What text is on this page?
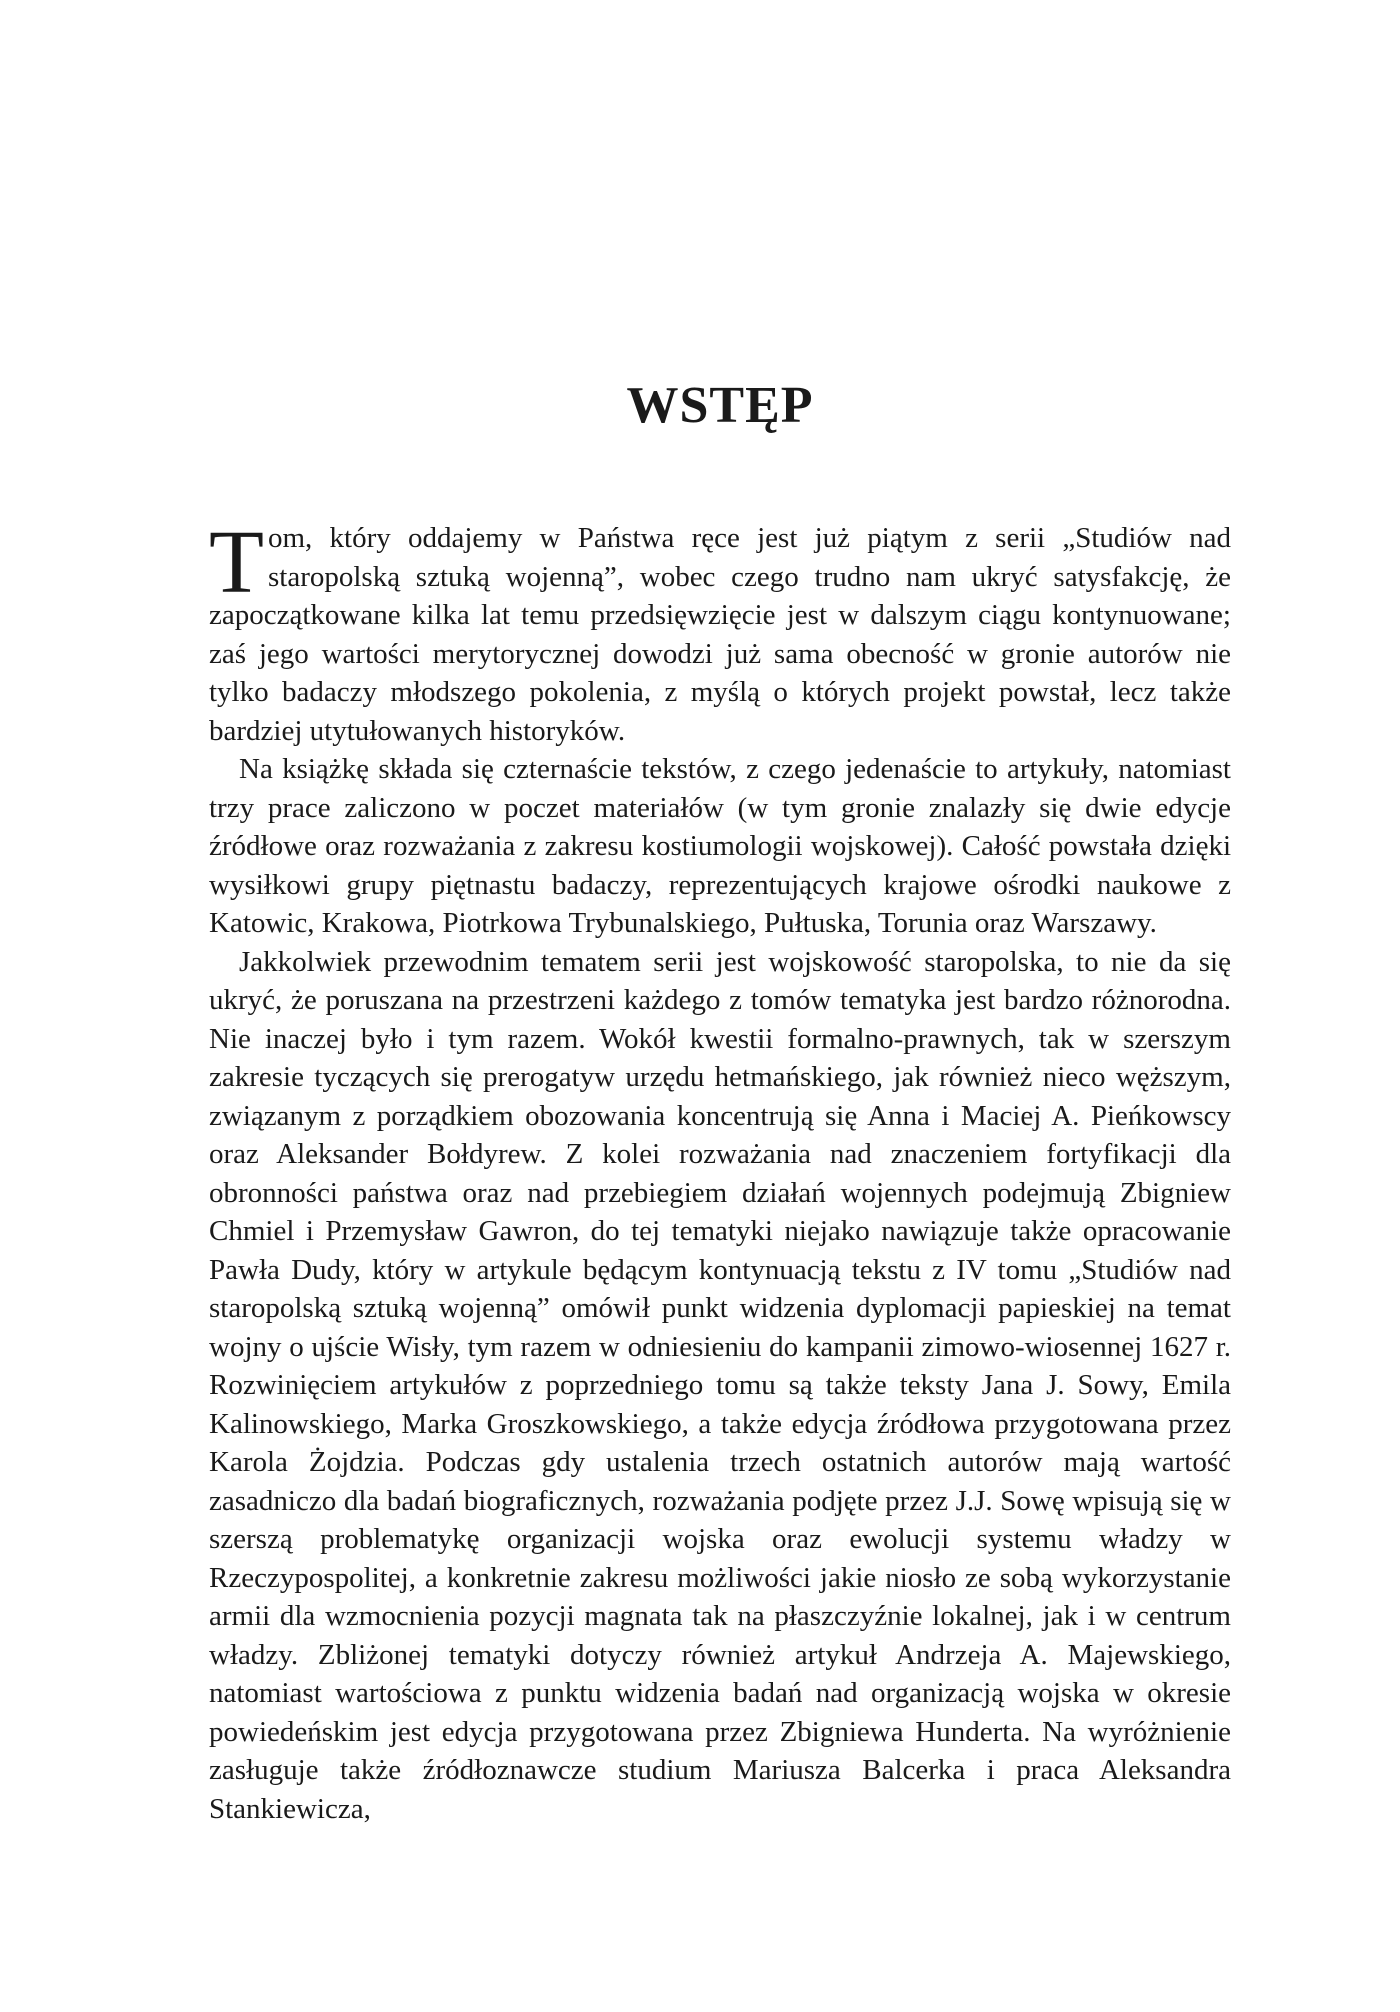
WSTĘP

Tom, który oddajemy w Państwa ręce jest już piątym z serii „Studiów nad staropolską sztuką wojenną”, wobec czego trudno nam ukryć satysfakcję, że zapoczątkowane kilka lat temu przedsięwzięcie jest w dalszym ciągu kontynuowane; zaś jego wartości merytorycznej dowodzi już sama obecność w gronie autorów nie tylko badaczy młodszego pokolenia, z myślą o których projekt powstał, lecz także bardziej utytułowanych historyków.

Na książkę składa się czternaście tekstów, z czego jedenaście to artykuły, natomiast trzy prace zaliczono w poczet materiałów (w tym gronie znalazły się dwie edycje źródłowe oraz rozważania z zakresu kostiumologii wojskowej). Całość powstała dzięki wysiłkowi grupy piętnastu badaczy, reprezentujących krajowe ośrodki naukowe z Katowic, Krakowa, Piotrkowa Trybunalskiego, Pułtuska, Torunia oraz Warszawy.

Jakkolwiek przewodnim tematem serii jest wojskowość staropolska, to nie da się ukryć, że poruszana na przestrzeni każdego z tomów tematyka jest bardzo różnorodna. Nie inaczej było i tym razem. Wokół kwestii formalno-prawnych, tak w szerszym zakresie tyczących się prerogatyw urzędu hetmańskiego, jak również nieco węższym, związanym z porządkiem obozowania koncentrują się Anna i Maciej A. Pieńkowscy oraz Aleksander Bołdyrew. Z kolei rozważania nad znaczeniem fortyfikacji dla obronności państwa oraz nad przebiegiem działań wojennych podejmują Zbigniew Chmiel i Przemysław Gawron, do tej tematyki niejako nawiązuje także opracowanie Pawła Dudy, który w artykule będącym kontynuacją tekstu z IV tomu „Studiów nad staropolską sztuką wojenną” omówił punkt widzenia dyplomacji papieskiej na temat wojny o ujście Wisły, tym razem w odniesieniu do kampanii zimowo-wiosennej 1627 r. Rozwinięciem artykułów z poprzedniego tomu są także teksty Jana J. Sowy, Emila Kalinowskiego, Marka Groszkowskiego, a także edycja źródłowa przygotowana przez Karola Żojdzia. Podczas gdy ustalenia trzech ostatnich autorów mają wartość zasadniczo dla badań biograficznych, rozważania podjęte przez J.J. Sowę wpisują się w szerszą problematykę organizacji wojska oraz ewolucji systemu władzy w Rzeczypospolitej, a konkretnie zakresu możliwości jakie niosło ze sobą wykorzystanie armii dla wzmocnienia pozycji magnata tak na płaszczyźnie lokalnej, jak i w centrum władzy. Zbliżonej tematyki dotyczy również artykuł Andrzeja A. Majewskiego, natomiast wartościowa z punktu widzenia badań nad organizacją wojska w okresie powiedeńskim jest edycja przygotowana przez Zbigniewa Hunderta. Na wyróżnienie zasługuje także źródłoznawcze studium Mariusza Balcerka i praca Aleksandra Stankiewicza,
